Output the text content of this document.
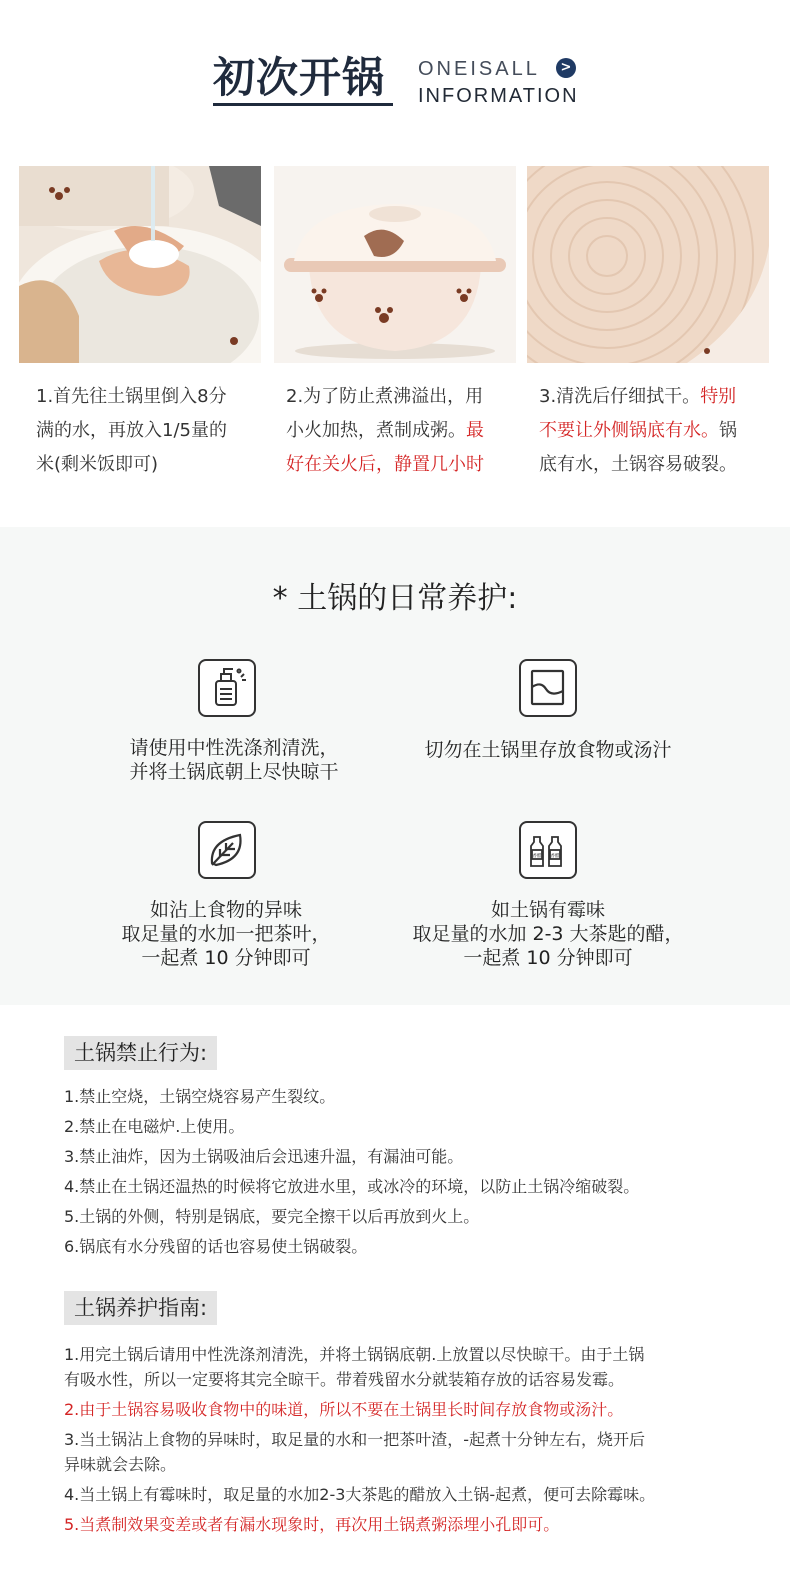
初次开锅 ONEISALL	>
INFORMATION
1.首先往土锅里倒入8分
满的水，再放入1/5量的
米(剩米饭即可)
2.为了防止煮沸溢出，用
小火加热，煮制成粥。最
好在关火后，静置几小时
3.清洗后仔细拭干。特别
不要让外侧锅底有水。锅
底有水，土锅容易破裂。
* 土锅的日常养护:
请使用中性洗涤剂清洗，
并将土锅底朝上尽快晾干
切勿在土锅里存放食物或汤汁
如沾上食物的异味
取足量的水加一把茶叶，
一起煮 10 分钟即可
香醋 香醋
如土锅有霉味
取足量的水加 2-3 大茶匙的醋，
一起煮 10 分钟即可
土锅禁止行为:
1.禁止空烧，土锅空烧容易产生裂纹。
2.禁止在电磁炉.上使用。
3.禁止油炸，因为土锅吸油后会迅速升温，有漏油可能。
4.禁止在土锅还温热的时候将它放进水里，或冰冷的环境，以防止土锅冷缩破裂。
5.土锅的外侧，特别是锅底，要完全擦干以后再放到火上。
6.锅底有水分残留的话也容易使土锅破裂。
土锅养护指南:
1.用完土锅后请用中性洗涤剂清洗，并将土锅锅底朝.上放置以尽快晾干。由于土锅
有吸水性，所以一定要将其完全晾干。带着残留水分就装箱存放的话容易发霉。
2.由于土锅容易吸收食物中的味道，所以不要在土锅里长时间存放食物或汤汁。
3.当土锅沾上食物的异味时，取足量的水和一把茶叶渣，-起煮十分钟左右，烧开后
异味就会去除。
4.当土锅上有霉味时，取足量的水加2-3大茶匙的醋放入土锅-起煮，便可去除霉味。
5.当煮制效果变差或者有漏水现象时，再次用土锅煮粥添埋小孔即可。
